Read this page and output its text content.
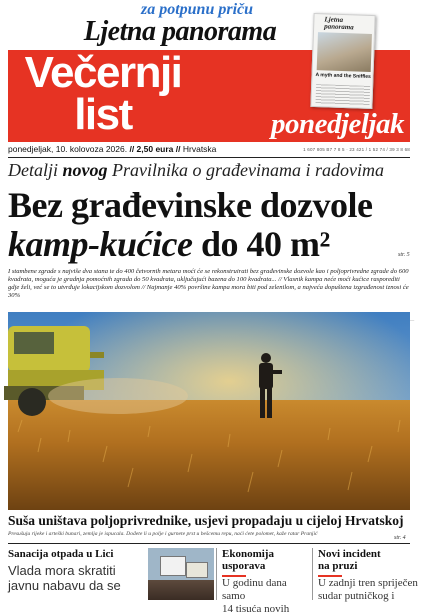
za potpunu priču
Ljetna panorama	Ljetna
panorama
A myth and the Sniffles
Večernji
list	ponedjeljak
ponedjeljak, 10. kolovoza 2026. // 2,50 eura // Hrvatska	1 607 805 B7 7 8 5 · 23 421 / 1 52 74 / 39 3 8 68
Detalji novog Pravilnika o građevinama i radovima
Bez građevinske dozvole
kamp-kućice do 40 m²	str. 5
I stambene zgrade s najviše dva stana te do 400 četvornih metara moći će se rekonstruirati bez građevinske dozvole kao i poljoprivredne zgrade do 600 kvadrata, moguća je gradnja pomoćnih zgrada do 50 kvadrata, uključujući bazena do 100 kvadrata... // Vlasnik kampa neće moći kućice rasporediti gdje želi, već se to utvrđuje lokacijskom dozvolom // Najmanje 40% površine kampa mora biti pod zelenilom, a najveća dopuštena izgrađenost iznosi će 30%
│
Suša uništava poljoprivrednike, usjevi propadaju u cijeloj Hrvatskoj
str. 4
Presušuju rijeke i arteški bunari, zemlja je ispucala. Dođete li u polje i gurnete prst u bešcemu repu, naći ćete polomet, kaže ratar Pranjić
Sanacija otpada u Lici
Vlada mora skratiti
javnu nabavu da se
Ekonomija
usporava
U godinu dana samo
14 tisuća novih
Novi incident
na pruzi
U zadnji tren spriječen
sudar putničkog i
